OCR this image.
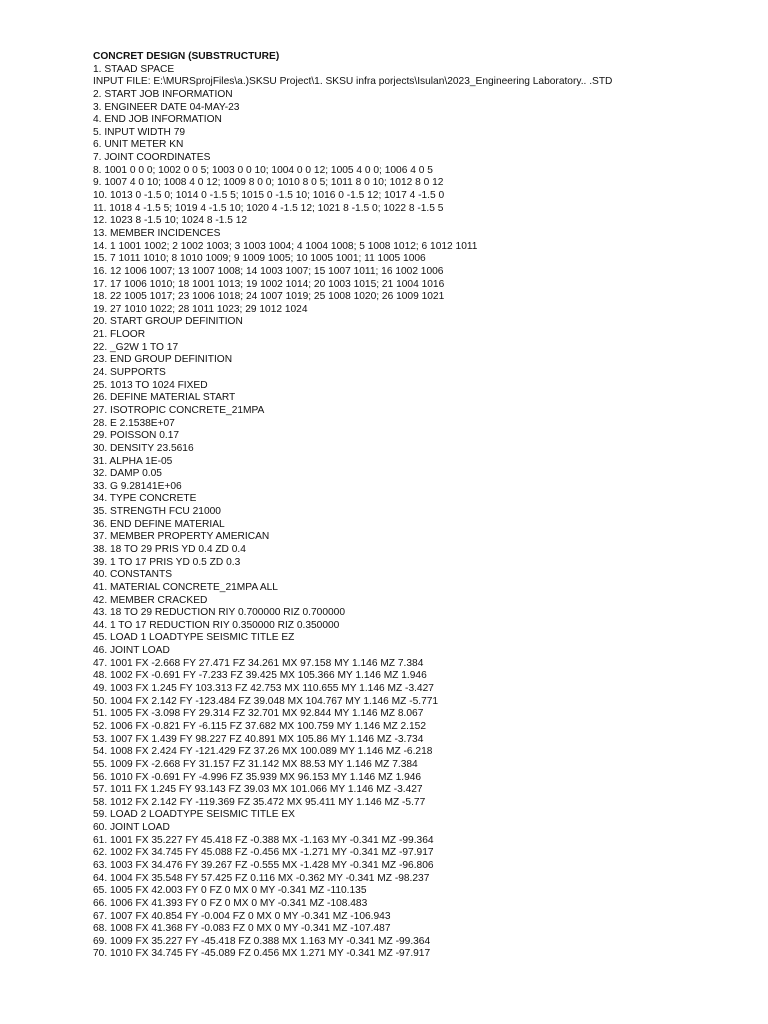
CONCRET DESIGN (SUBSTRUCTURE)
1. STAAD SPACE
INPUT FILE: E:\MURSprojFiles\a.)SKSU Project\1. SKSU infra porjects\Isulan\2023_Engineering Laboratory.. .STD
2. START JOB INFORMATION
3. ENGINEER DATE 04-MAY-23
4. END JOB INFORMATION
5. INPUT WIDTH 79
6. UNIT METER KN
7. JOINT COORDINATES
8. 1001 0 0 0; 1002 0 0 5; 1003 0 0 10; 1004 0 0 12; 1005 4 0 0; 1006 4 0 5
9. 1007 4 0 10; 1008 4 0 12; 1009 8 0 0; 1010 8 0 5; 1011 8 0 10; 1012 8 0 12
10. 1013 0 -1.5 0; 1014 0 -1.5 5; 1015 0 -1.5 10; 1016 0 -1.5 12; 1017 4 -1.5 0
11. 1018 4 -1.5 5; 1019 4 -1.5 10; 1020 4 -1.5 12; 1021 8 -1.5 0; 1022 8 -1.5 5
12. 1023 8 -1.5 10; 1024 8 -1.5 12
13. MEMBER INCIDENCES
14. 1 1001 1002; 2 1002 1003; 3 1003 1004; 4 1004 1008; 5 1008 1012; 6 1012 1011
15. 7 1011 1010; 8 1010 1009; 9 1009 1005; 10 1005 1001; 11 1005 1006
16. 12 1006 1007; 13 1007 1008; 14 1003 1007; 15 1007 1011; 16 1002 1006
17. 17 1006 1010; 18 1001 1013; 19 1002 1014; 20 1003 1015; 21 1004 1016
18. 22 1005 1017; 23 1006 1018; 24 1007 1019; 25 1008 1020; 26 1009 1021
19. 27 1010 1022; 28 1011 1023; 29 1012 1024
20. START GROUP DEFINITION
21. FLOOR
22. _G2W 1 TO 17
23. END GROUP DEFINITION
24. SUPPORTS
25. 1013 TO 1024 FIXED
26. DEFINE MATERIAL START
27. ISOTROPIC CONCRETE_21MPA
28. E 2.1538E+07
29. POISSON 0.17
30. DENSITY 23.5616
31. ALPHA 1E-05
32. DAMP 0.05
33. G 9.28141E+06
34. TYPE CONCRETE
35. STRENGTH FCU 21000
36. END DEFINE MATERIAL
37. MEMBER PROPERTY AMERICAN
38. 18 TO 29 PRIS YD 0.4 ZD 0.4
39. 1 TO 17 PRIS YD 0.5 ZD 0.3
40. CONSTANTS
41. MATERIAL CONCRETE_21MPA ALL
42. MEMBER CRACKED
43. 18 TO 29 REDUCTION RIY 0.700000 RIZ 0.700000
44. 1 TO 17 REDUCTION RIY 0.350000 RIZ 0.350000
45. LOAD 1 LOADTYPE SEISMIC TITLE EZ
46. JOINT LOAD
47. 1001 FX -2.668 FY 27.471 FZ 34.261 MX 97.158 MY 1.146 MZ 7.384
48. 1002 FX -0.691 FY -7.233 FZ 39.425 MX 105.366 MY 1.146 MZ 1.946
49. 1003 FX 1.245 FY 103.313 FZ 42.753 MX 110.655 MY 1.146 MZ -3.427
50. 1004 FX 2.142 FY -123.484 FZ 39.048 MX 104.767 MY 1.146 MZ -5.771
51. 1005 FX -3.098 FY 29.314 FZ 32.701 MX 92.844 MY 1.146 MZ 8.067
52. 1006 FX -0.821 FY -6.115 FZ 37.682 MX 100.759 MY 1.146 MZ 2.152
53. 1007 FX 1.439 FY 98.227 FZ 40.891 MX 105.86 MY 1.146 MZ -3.734
54. 1008 FX 2.424 FY -121.429 FZ 37.26 MX 100.089 MY 1.146 MZ -6.218
55. 1009 FX -2.668 FY 31.157 FZ 31.142 MX 88.53 MY 1.146 MZ 7.384
56. 1010 FX -0.691 FY -4.996 FZ 35.939 MX 96.153 MY 1.146 MZ 1.946
57. 1011 FX 1.245 FY 93.143 FZ 39.03 MX 101.066 MY 1.146 MZ -3.427
58. 1012 FX 2.142 FY -119.369 FZ 35.472 MX 95.411 MY 1.146 MZ -5.77
59. LOAD 2 LOADTYPE SEISMIC TITLE EX
60. JOINT LOAD
61. 1001 FX 35.227 FY 45.418 FZ -0.388 MX -1.163 MY -0.341 MZ -99.364
62. 1002 FX 34.745 FY 45.088 FZ -0.456 MX -1.271 MY -0.341 MZ -97.917
63. 1003 FX 34.476 FY 39.267 FZ -0.555 MX -1.428 MY -0.341 MZ -96.806
64. 1004 FX 35.548 FY 57.425 FZ 0.116 MX -0.362 MY -0.341 MZ -98.237
65. 1005 FX 42.003 FY 0 FZ 0 MX 0 MY -0.341 MZ -110.135
66. 1006 FX 41.393 FY 0 FZ 0 MX 0 MY -0.341 MZ -108.483
67. 1007 FX 40.854 FY -0.004 FZ 0 MX 0 MY -0.341 MZ -106.943
68. 1008 FX 41.368 FY -0.083 FZ 0 MX 0 MY -0.341 MZ -107.487
69. 1009 FX 35.227 FY -45.418 FZ 0.388 MX 1.163 MY -0.341 MZ -99.364
70. 1010 FX 34.745 FY -45.089 FZ 0.456 MX 1.271 MY -0.341 MZ -97.917
